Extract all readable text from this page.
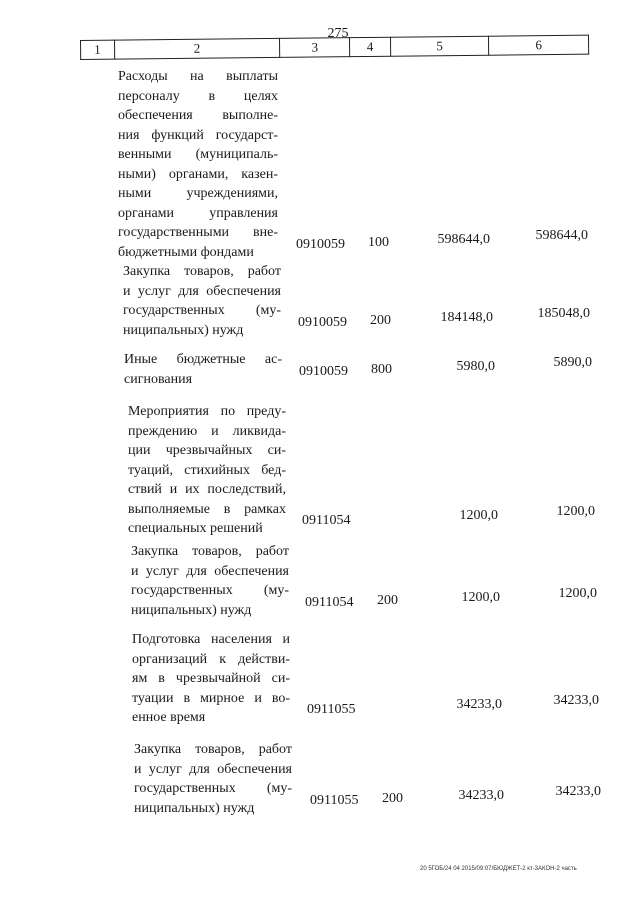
275
1	2	3	4	5	6
Расходы на выплаты
персоналу в целях
обеспечения выполне-
ния функций государст-
венными (муниципаль-
ными) органами, казен-
ными учреждениями,
органами управления
государственными вне-
бюджетными фондами
0910059 100	598644,0	598644,0
Закупка товаров, работ
и услуг для обеспечения
государственных (му-
ниципальных) нужд
0910059 200	184148,0	185048,0
Иные бюджетные ас-
сигнования
0910059 800	5980,0	5890,0
Мероприятия по преду-
преждению и ликвида-
ции чрезвычайных си-
туаций, стихийных бед-
ствий и их последствий,
выполняемые в рамках
специальных решений
0911054	1200,0	1200,0
Закупка товаров, работ
и услуг для обеспечения
государственных (му-
ниципальных) нужд
0911054 200	1200,0	1200,0
Подготовка населения и
организаций к действи-
ям в чрезвычайной си-
туации в мирное и во-
енное время
0911055	34233,0	34233,0
Закупка товаров, работ
и услуг для обеспечения
государственных (му-
ниципальных) нужд
0911055 200	34233,0	34233,0
20 5ГОБ/24 04 2015/09:07/БЮДЖЕТ-2 кт-3АКОН-2 часть
